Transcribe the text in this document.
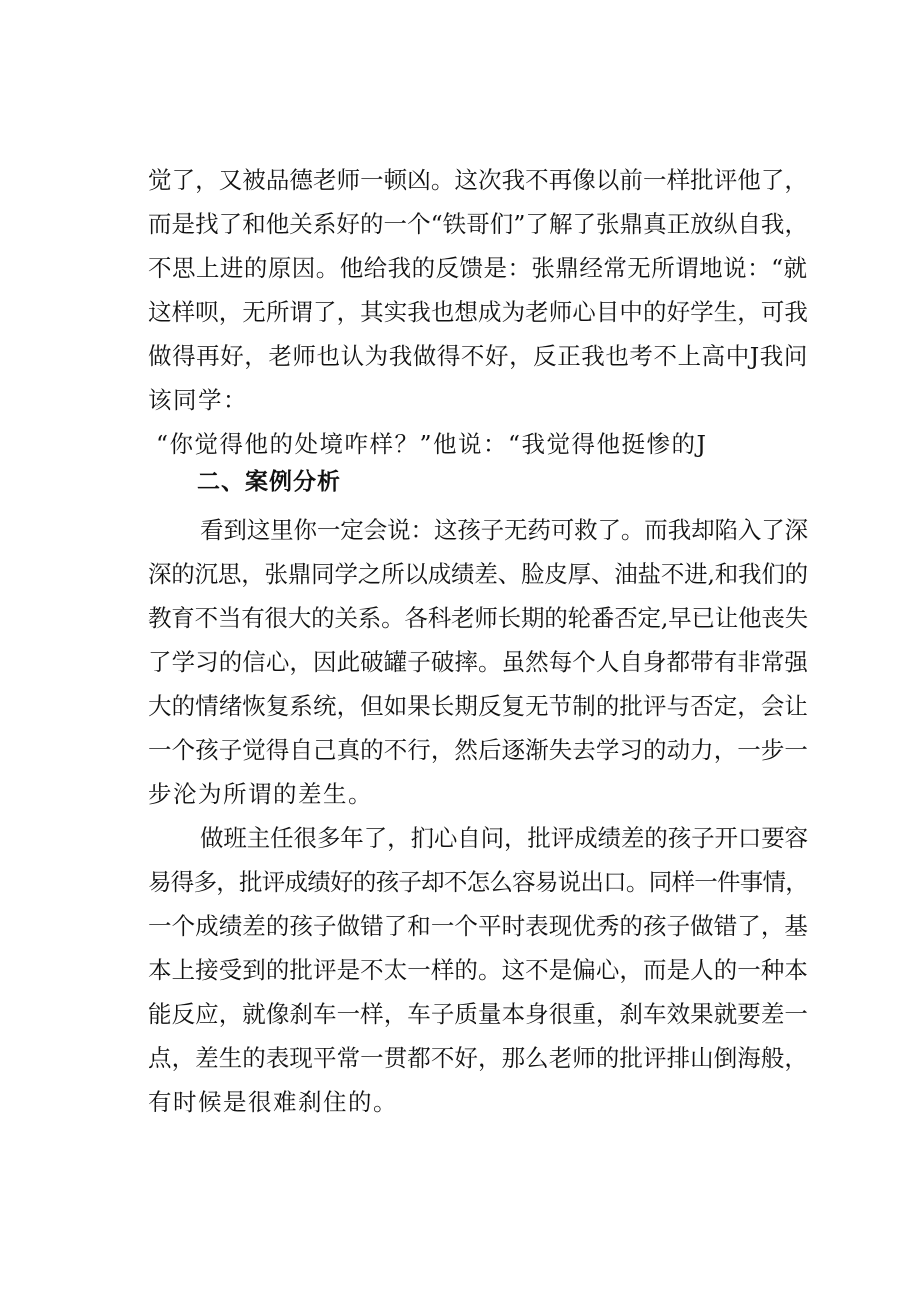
觉了，又被品德老师一顿凶。这次我不再像以前一样批评他了，
而是找了和他关系好的一个“铁哥们”了解了张鼎真正放纵自我，
不思上进的原因。他给我的反馈是：张鼎经常无所谓地说：“就
这样呗，无所谓了，其实我也想成为老师心目中的好学生，可我
做得再好，老师也认为我做得不好，反正我也考不上高中J我问
该同学：
“你觉得他的处境咋样？”他说：“我觉得他挺惨的J
二、案例分析
看到这里你一定会说：这孩子无药可救了。而我却陷入了深
深的沉思，张鼎同学之所以成绩差、脸皮厚、油盐不进,和我们的
教育不当有很大的关系。各科老师长期的轮番否定,早已让他丧失
了学习的信心，因此破罐子破摔。虽然每个人自身都带有非常强
大的情绪恢复系统，但如果长期反复无节制的批评与否定，会让
一个孩子觉得自己真的不行，然后逐渐失去学习的动力，一步一
步沦为所谓的差生。
做班主任很多年了，扪心自问，批评成绩差的孩子开口要容
易得多，批评成绩好的孩子却不怎么容易说出口。同样一件事情，
一个成绩差的孩子做错了和一个平时表现优秀的孩子做错了，基
本上接受到的批评是不太一样的。这不是偏心，而是人的一种本
能反应，就像刹车一样，车子质量本身很重，刹车效果就要差一
点，差生的表现平常一贯都不好，那么老师的批评排山倒海般，
有时候是很难刹住的。
